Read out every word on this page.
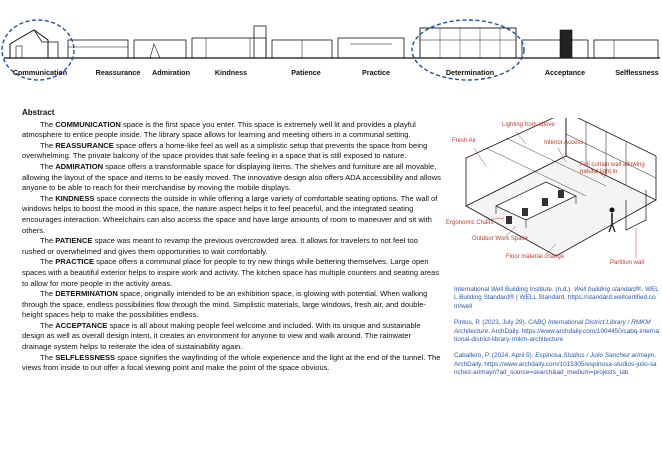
Communication	Reassurance Admiration	Kindness	Patience	Practice	Determination	Acceptance	Selflessness
Abstract

The COMMUNICATION space is the first space you enter. This space is extremely well lit and provides a playful atmosphere to entice people inside. The library space allows for learning and meeting others in a communal setting.

The REASSURANCE space offers a home-like feel as well as a simplistic setup that prevents the space from being overwhelming. The private balcony of the space provides that safe feeling in a space that is still exposed to nature.

The ADMIRATION space offers a transformable space for displaying items. The shelves and furniture are all movable, allowing the layout of the space and items to be easily moved. The innovative design also offers ADA accessibility and allows anyone to be able to reach for their merchandise by moving the mobile displays.

The KINDNESS space connects the outside in while offering a large variety of comfortable seating options. The wall of windows helps to boost the mood in this space, the nature aspect helps it to feel peaceful, and the integrated seating encourages interaction. Wheelchairs can also access the space and have large amounts of room to maneuver and sit with others.

The PATIENCE space was meant to revamp the previous overcrowded area. It allows for travelers to not feel too rushed or overwhelmed and gives them opportunities to wait comfortably.

The PRACTICE space offers a communal place for people to try new things while bettering themselves. Large open spaces with a beautiful exterior helps to inspire work and activity. The kitchen space has multiple counters and seating areas to allow for more people in the activity areas.

The DETERMINATION space, originally intended to be an exhibition space, is glowing with potential. When walking through the space, endless possibilities flow through the mind. Simplistic materials, large windows, fresh air, and double-height spaces help to make the possibilities endless.

The ACCEPTANCE space is all about making people feel welcome and included. With its unique and sustainable design as well as overall design intent, it creates an environment for anyone to view and walk around. The rainwater drainage system helps to reiterate the idea of sustainability again.

The SELFLESSNESS space signifies the wayfinding of the whole experience and the light at the end of the tunnel. The views from inside to out offer a focal viewing point and make the point of the space obvious.

Lighting from above
Fresh Air	Interior Access
Full curtain wall allowing natural light in
Ergonomic Chairs
Outdoor Work Space
Floor material change
Partition wall
International Well Building Institute. (n.d.). Well building standard®. WELL Building Standard® | WELL Standard. https://standard.wellcertified.com/well
Pintos, P. (2023, July 29). CABQ International District Library / RMKM Architecture. ArchDaily. https://www.archdaily.com/1004450/cabq-international-district-library-rmkm-architecture
Caballero, P. (2024, April 5). Espinosa Studios / Julio Sanchez arimayn. ArchDaily. https://www.archdaily.com/1015305/espinosa-studios-julio-sanchez-arimayn?ad_source=search&ad_medium=projects_tab
